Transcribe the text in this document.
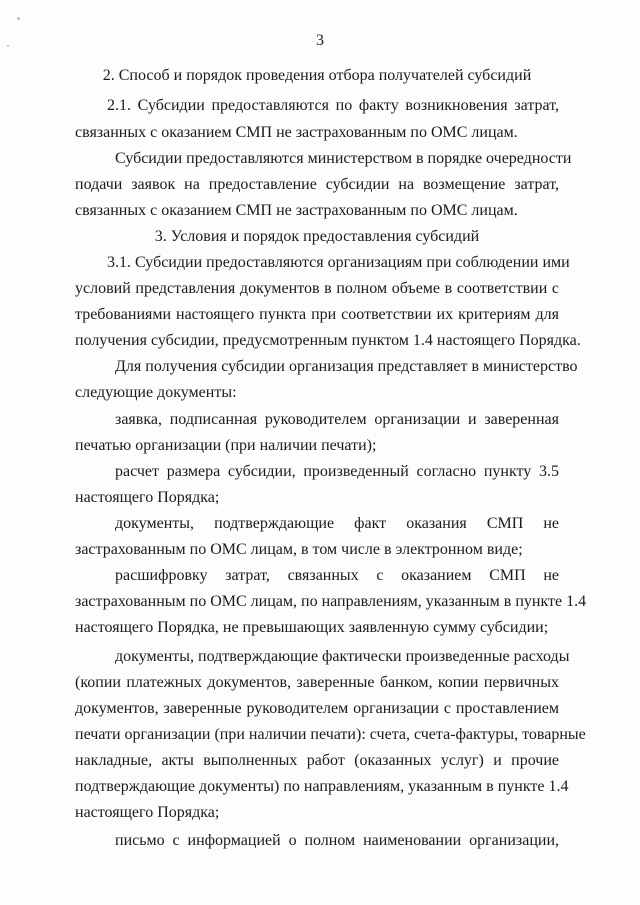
3
2. Способ и порядок проведения отбора получателей субсидий
2.1. Субсидии предоставляются по факту возникновения затрат,
связанных с оказанием СМП не застрахованным по ОМС лицам.
Субсидии предоставляются министерством в порядке очередности
подачи заявок на предоставление субсидии на возмещение затрат,
связанных с оказанием СМП не застрахованным по ОМС лицам.
3. Условия и порядок предоставления субсидий
3.1. Субсидии предоставляются организациям при соблюдении ими
условий представления документов в полном объеме в соответствии с
требованиями настоящего пункта при соответствии их критериям для
получения субсидии, предусмотренным пунктом 1.4 настоящего Порядка.
Для получения субсидии организация представляет в министерство
следующие документы:
заявка, подписанная руководителем организации и заверенная
печатью организации (при наличии печати);
расчет размера субсидии, произведенный согласно пункту 3.5
настоящего Порядка;
документы, подтверждающие факт оказания СМП не
застрахованным по ОМС лицам, в том числе в электронном виде;
расшифровку затрат, связанных с оказанием СМП не
застрахованным по ОМС лицам, по направлениям, указанным в пункте 1.4
настоящего Порядка, не превышающих заявленную сумму субсидии;
документы, подтверждающие фактически произведенные расходы
(копии платежных документов, заверенные банком, копии первичных
документов, заверенные руководителем организации с проставлением
печати организации (при наличии печати): счета, счета-фактуры, товарные
накладные, акты выполненных работ (оказанных услуг) и прочие
подтверждающие документы) по направлениям, указанным в пункте 1.4
настоящего Порядка;
письмо с информацией о полном наименовании организации,
